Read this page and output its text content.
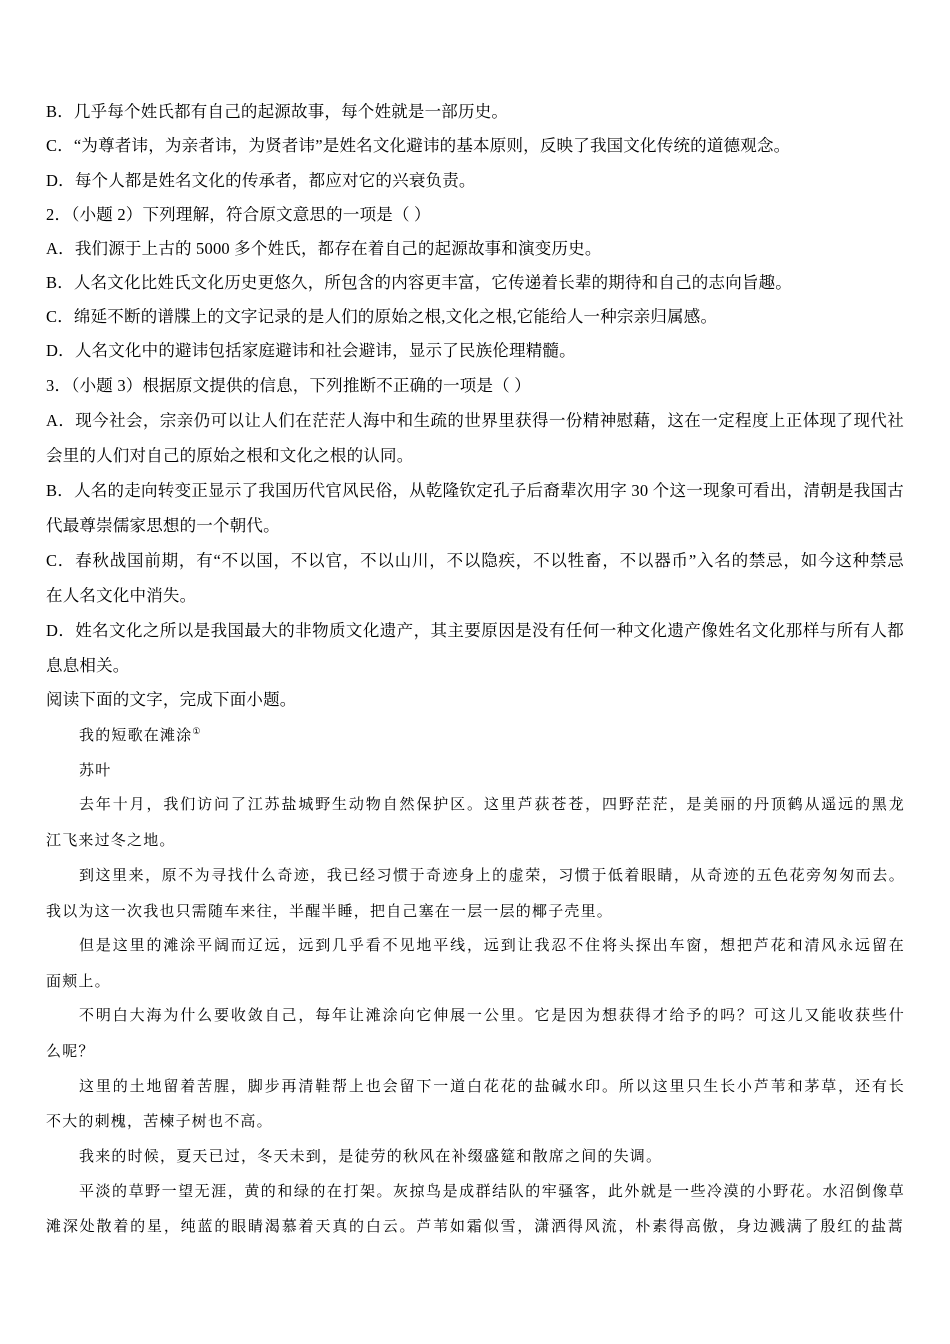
B．几乎每个姓氏都有自己的起源故事，每个姓就是一部历史。
C．“为尊者讳，为亲者讳，为贤者讳”是姓名文化避讳的基本原则，反映了我国文化传统的道德观念。
D．每个人都是姓名文化的传承者，都应对它的兴衰负责。
2．（小题 2）下列理解，符合原文意思的一项是（ ）
A．我们源于上古的 5000 多个姓氏，都存在着自己的起源故事和演变历史。
B．人名文化比姓氏文化历史更悠久，所包含的内容更丰富，它传递着长辈的期待和自己的志向旨趣。
C．绵延不断的谱牒上的文字记录的是人们的原始之根,文化之根,它能给人一种宗亲归属感。
D．人名文化中的避讳包括家庭避讳和社会避讳，显示了民族伦理精髓。
3．（小题 3）根据原文提供的信息，下列推断不正确的一项是（ ）
A．现今社会，宗亲仍可以让人们在茫茫人海中和生疏的世界里获得一份精神慰藉，这在一定程度上正体现了现代社
会里的人们对自己的原始之根和文化之根的认同。
B．人名的走向转变正显示了我国历代官风民俗，从乾隆钦定孔子后裔辈次用字 30 个这一现象可看出，清朝是我国古
代最尊崇儒家思想的一个朝代。
C．春秋战国前期，有“不以国，不以官，不以山川，不以隐疾，不以牲畜，不以器币”入名的禁忌，如今这种禁忌
在人名文化中消失。
D．姓名文化之所以是我国最大的非物质文化遗产，其主要原因是没有任何一种文化遗产像姓名文化那样与所有人都
息息相关。
阅读下面的文字，完成下面小题。
我的短歌在滩涂①
苏叶
去年十月，我们访问了江苏盐城野生动物自然保护区。这里芦荻苍苍，四野茫茫，是美丽的丹顶鹤从遥远的黑龙
江飞来过冬之地。
到这里来，原不为寻找什么奇迹，我已经习惯于奇迹身上的虚荣，习惯于低着眼睛，从奇迹的五色花旁匆匆而去。
我以为这一次我也只需随车来往，半醒半睡，把自己塞在一层一层的椰子壳里。
但是这里的滩涂平阔而辽远，远到几乎看不见地平线，远到让我忍不住将头探出车窗，想把芦花和清风永远留在
面颊上。
不明白大海为什么要收敛自己，每年让滩涂向它伸展一公里。它是因为想获得才给予的吗？可这儿又能收获些什
么呢？
这里的土地留着苦腥，脚步再清鞋帮上也会留下一道白花花的盐碱水印。所以这里只生长小芦苇和茅草，还有长
不大的刺槐，苦楝子树也不高。
我来的时候，夏天已过，冬天未到，是徒劳的秋风在补缀盛筵和散席之间的失调。
平淡的草野一望无涯，黄的和绿的在打架。灰掠鸟是成群结队的牢骚客，此外就是一些冷漠的小野花。水沼倒像草
滩深处散着的星，纯蓝的眼睛渴慕着天真的白云。芦苇如霜似雪，潇洒得风流，朴素得高傲，身边溅满了殷红的盐蒿
